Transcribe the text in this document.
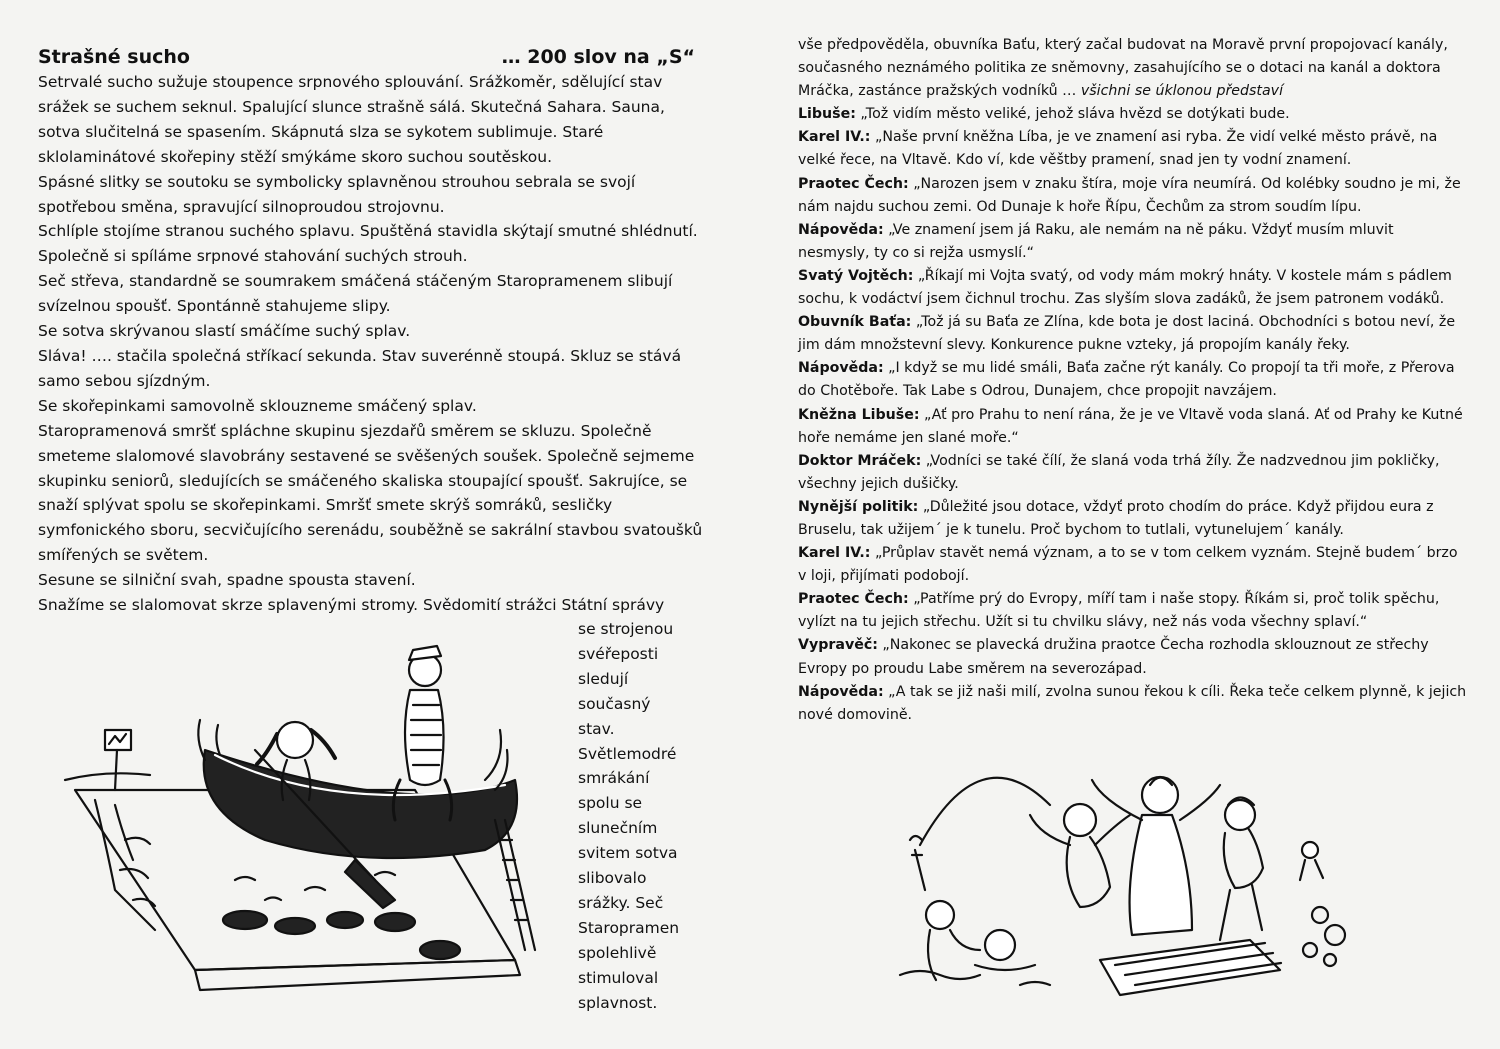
Strašné sucho	… 200 slov na „S“

Setrvalé sucho sužuje stoupence srpnového splouvání. Srážkoměr, sdělující stav srážek se suchem seknul. Spalující slunce strašně sálá. Skutečná Sahara. Sauna, sotva slučitelná se spasením. Skápnutá slza se sykotem sublimuje. Staré sklolaminátové skořepiny stěží smýkáme skoro suchou soutěskou.

Spásné slitky se soutoku se symbolicky splavněnou strouhou sebrala se svojí spotřebou směna, spravující silnoproudou strojovnu.

Schlíple stojíme stranou suchého splavu. Spuštěná stavidla skýtají smutné shlédnutí. Společně si spíláme srpnové stahování suchých strouh.

Seč střeva, standardně se soumrakem smáčená stáčeným Staropramenem slibují svízelnou spoušť. Spontánně stahujeme slipy.

Se sotva skrývanou slastí smáčíme suchý splav.

Sláva! …. stačila společná stříkací sekunda. Stav suverénně stoupá. Skluz se stává samo sebou sjízdným.

Se skořepinkami samovolně sklouzneme smáčený splav.

Staropramenová smršť spláchne skupinu sjezdařů směrem se skluzu. Společně smeteme slalomové slavobrány sestavené se svěšených soušek. Společně sejmeme skupinku seniorů, sledujících se smáčeného skaliska stoupající spoušť. Sakrujíce, se snaží splývat spolu se skořepinkami. Smršť smete skrýš somráků, sesličky symfonického sboru, secvičujícího serenádu, souběžně se sakrální stavbou svatoušků smířených se světem.

Sesune se silniční svah, spadne spousta stavení.

Snažíme se slalomovat skrze splavenými stromy. Svědomití strážci Státní správy

se strojenou
svéřeposti
sledují
současný
stav.
Světlemodré
smrákání
spolu se
slunečním
svitem sotva
slibovalo
srážky. Seč
Staropramen
spolehlivě
stimuloval
splavnost.

vše předpověděla, obuvníka Baťu, který začal budovat na Moravě první propojovací kanály, současného neznámého politika ze sněmovny, zasahujícího se o dotaci na kanál a doktora Mráčka, zastánce pražských vodníků … všichni se úklonou představí

Libuše: „Tož vidím město veliké, jehož sláva hvězd se dotýkati bude.

Karel IV.: „Naše první kněžna Líba, je ve znamení asi ryba. Že vidí velké město právě, na velké řece, na Vltavě. Kdo ví, kde věštby pramení, snad jen ty vodní znamení.

Praotec Čech: „Narozen jsem v znaku štíra, moje víra neumírá. Od kolébky soudno je mi, že nám najdu suchou zemi. Od Dunaje k hoře Řípu, Čechům za strom soudím lípu.

Nápověda: „Ve znamení jsem já Raku, ale nemám na ně páku. Vždyť musím mluvit nesmysly, ty co si rejža usmyslí.“

Svatý Vojtěch: „Říkají mi Vojta svatý, od vody mám mokrý hnáty. V kostele mám s pádlem sochu, k vodáctví jsem čichnul trochu. Zas slyším slova zadáků, že jsem patronem vodáků.

Obuvník Baťa: „Tož já su Baťa ze Zlína, kde bota je dost laciná. Obchodníci s botou neví, že jim dám množstevní slevy. Konkurence pukne vzteky, já propojím kanály řeky.

Nápověda: „I když se mu lidé smáli, Baťa začne rýt kanály. Co propojí ta tři moře, z Přerova do Chotěboře. Tak Labe s Odrou, Dunajem, chce propojit navzájem.

Kněžna Libuše: „Ať pro Prahu to není rána, že je ve Vltavě voda slaná. Ať od Prahy ke Kutné hoře nemáme jen slané moře.“

Doktor Mráček: „Vodníci se také čílí, že slaná voda trhá žíly. Že nadzvednou jim pokličky, všechny jejich dušičky.

Nynější politik: „Důležité jsou dotace, vždyť proto chodím do práce. Když přijdou eura z Bruselu, tak užijem´ je k tunelu. Proč bychom to tutlali, vytunelujem´ kanály.

Karel IV.: „Průplav stavět nemá význam, a to se v tom celkem vyznám. Stejně budem´ brzo v loji, přijímati podobojí.

Praotec Čech: „Patříme prý do Evropy, míří tam i naše stopy. Říkám si, proč tolik spěchu, vylízt na tu jejich střechu. Užít si tu chvilku slávy, než nás voda všechny splaví.“

Vypravěč: „Nakonec se plavecká družina praotce Čecha rozhodla sklouznout ze střechy Evropy po proudu Labe směrem na severozápad.

Nápověda: „A tak se již naši milí, zvolna sunou řekou k cíli. Řeka teče celkem plynně, k jejich nové domovině.
